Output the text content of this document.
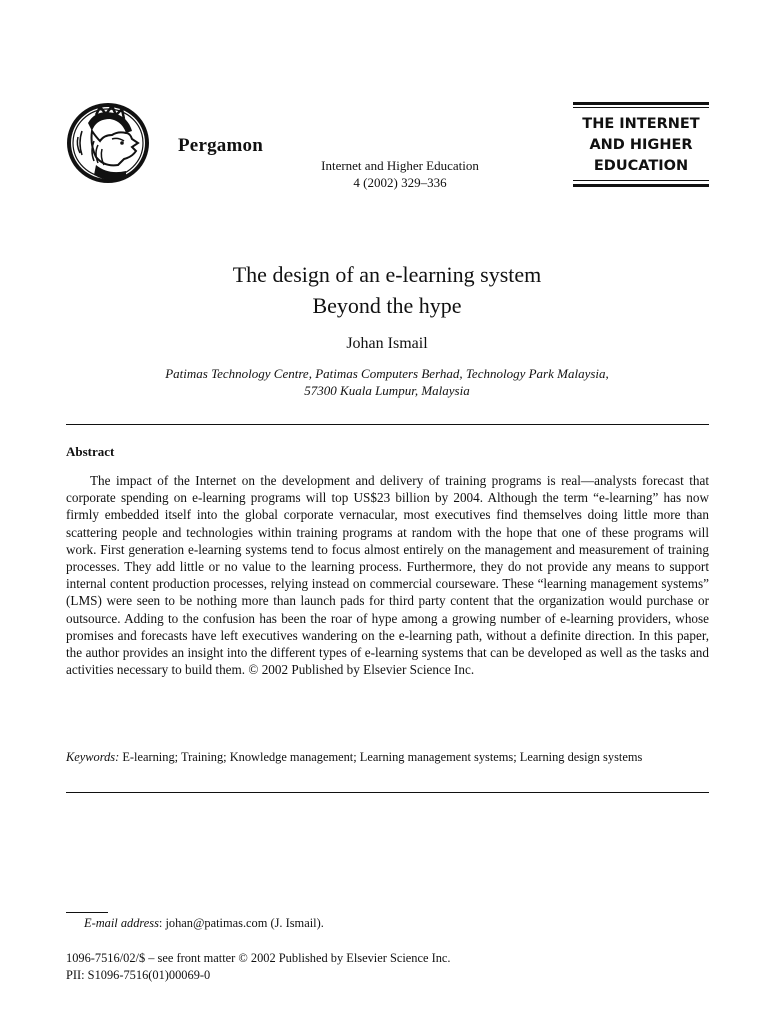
Pergamon
Internet and Higher Education
4 (2002) 329–336
THE INTERNET
AND HIGHER
EDUCATION
The design of an e-learning system
Beyond the hype
Johan Ismail
Patimas Technology Centre, Patimas Computers Berhad, Technology Park Malaysia,
57300 Kuala Lumpur, Malaysia
Abstract
The impact of the Internet on the development and delivery of training programs is real—analysts forecast that corporate spending on e-learning programs will top US$23 billion by 2004. Although the term “e-learning” has now firmly embedded itself into the global corporate vernacular, most executives find themselves doing little more than scattering people and technologies within training programs at random with the hope that one of these programs will work. First generation e-learning systems tend to focus almost entirely on the management and measurement of training processes. They add little or no value to the learning process. Furthermore, they do not provide any means to support internal content production processes, relying instead on commercial courseware. These “learning management systems” (LMS) were seen to be nothing more than launch pads for third party content that the organization would purchase or outsource. Adding to the confusion has been the roar of hype among a growing number of e-learning providers, whose promises and forecasts have left executives wandering on the e-learning path, without a definite direction. In this paper, the author provides an insight into the different types of e-learning systems that can be developed as well as the tasks and activities necessary to build them. © 2002 Published by Elsevier Science Inc.
Keywords: E-learning; Training; Knowledge management; Learning management systems; Learning design systems
E-mail address: johan@patimas.com (J. Ismail).
1096-7516/02/$ – see front matter © 2002 Published by Elsevier Science Inc.
PII: S1096-7516(01)00069-0
